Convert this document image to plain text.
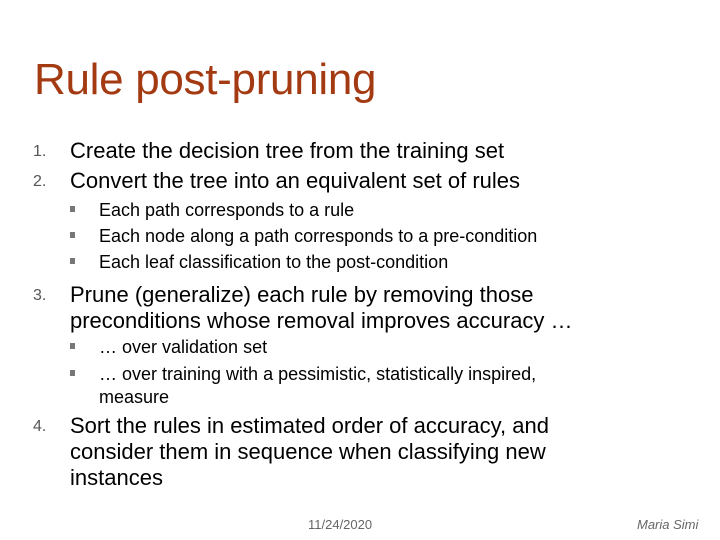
Rule post-pruning
1. Create the decision tree from the training set
2. Convert the tree into an equivalent set of rules
Each path corresponds to a rule
Each node along a path corresponds to a pre-condition
Each leaf classification to the post-condition
3. Prune (generalize) each rule by removing those preconditions whose removal improves accuracy …
… over validation set
… over training with a pessimistic, statistically inspired, measure
4. Sort the rules in estimated order of accuracy, and consider them in sequence when classifying new instances
11/24/2020	Maria Simi
